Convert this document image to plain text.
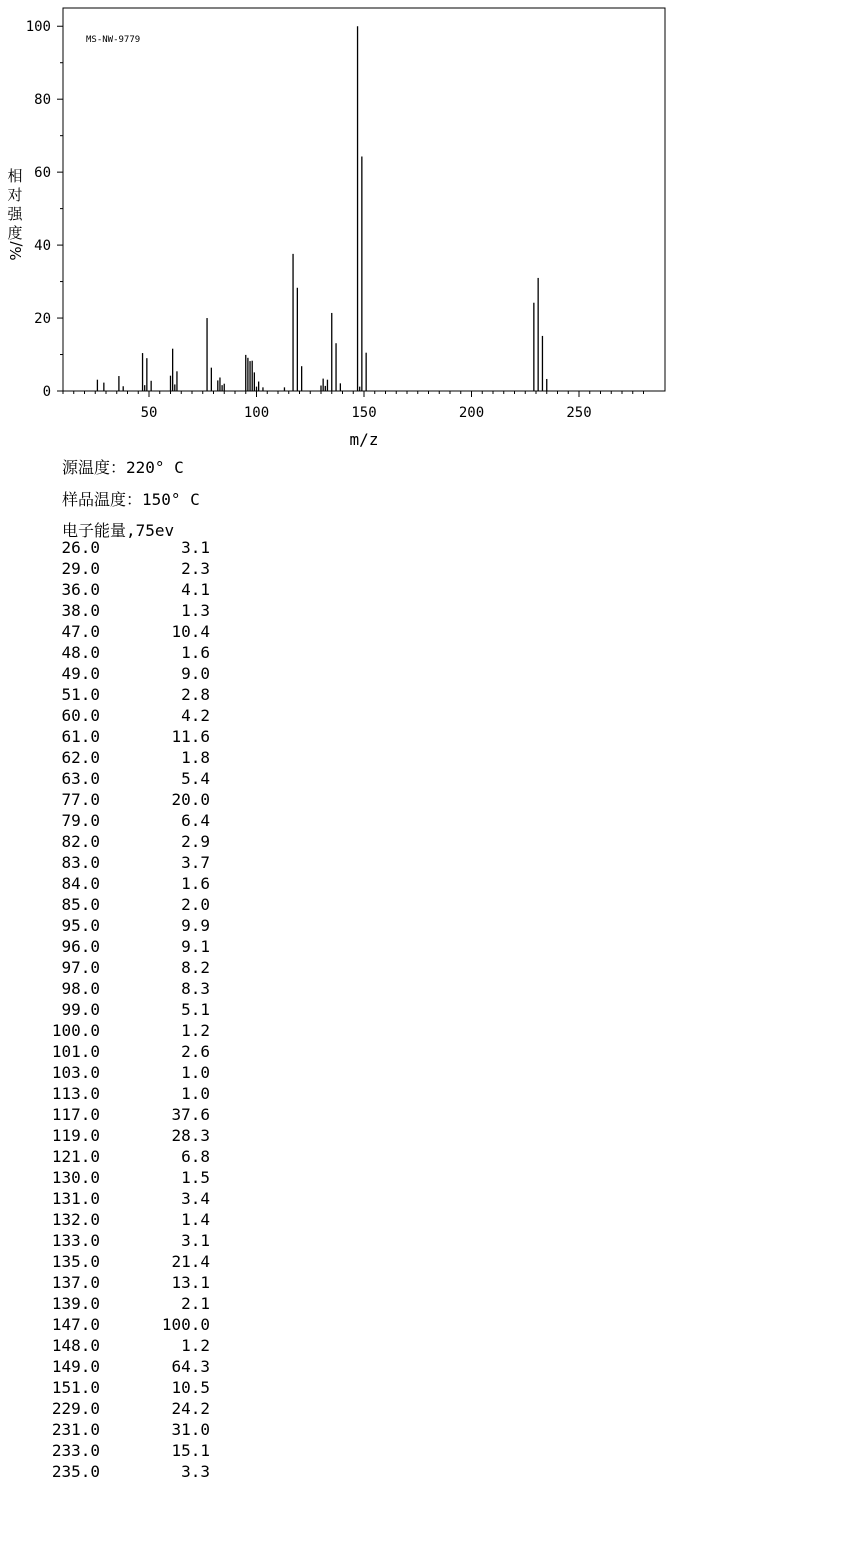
MS-NW-9779
相
对
强
度
%/
m/z
50	100	150	200	250
0
20
40
60
80
100
源温度：220° C
样品温度：150° C
电子能量,75ev
26.0	3.1
29.0	2.3
36.0	4.1
38.0	1.3
47.0	10.4
48.0	1.6
49.0	9.0
51.0	2.8
60.0	4.2
61.0	11.6
62.0	1.8
63.0	5.4
77.0	20.0
79.0	6.4
82.0	2.9
83.0	3.7
84.0	1.6
85.0	2.0
95.0	9.9
96.0	9.1
97.0	8.2
98.0	8.3
99.0	5.1
100.0	1.2
101.0	2.6
103.0	1.0
113.0	1.0
117.0	37.6
119.0	28.3
121.0	6.8
130.0	1.5
131.0	3.4
132.0	1.4
133.0	3.1
135.0	21.4
137.0	13.1
139.0	2.1
147.0	100.0
148.0	1.2
149.0	64.3
151.0	10.5
229.0	24.2
231.0	31.0
233.0	15.1
235.0	3.3
